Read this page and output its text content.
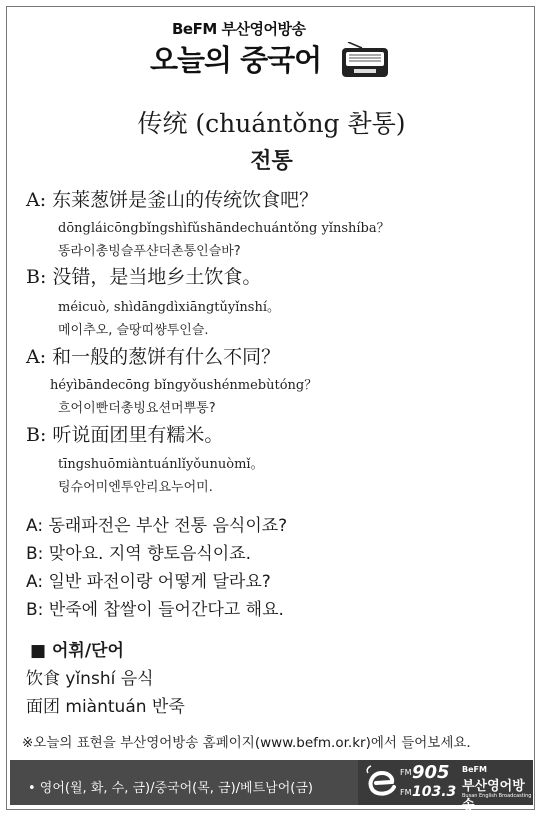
BeFM 부산영어방송
오늘의 중국어
传统 (chuántǒng 촨통)
전통
A: 东莱葱饼是釜山的传统饮食吧？
dōngláicōngbǐngshìfǔshāndechuántǒng yǐnshíba？
똥라이총빙슬푸샨더촌통인슬바?
B: 没错，是当地乡土饮食。
méicuò, shìdāngdìxiāngtǔyǐnshí。
메이추오, 슬땅띠썅투인슬.
A: 和一般的葱饼有什么不同？
héyìbāndecōng bǐngyǒushénmebùtóng？
흐어이빤더총빙요션머뿌통?
B: 听说面团里有糯米。
tīngshuōmiàntuánlǐyǒunuòmǐ。
팅슈어미엔투안리요누어미.
A: 동래파전은 부산 전통 음식이죠?
B: 맞아요. 지역 향토음식이죠.
A: 일반 파전이랑 어떻게 달라요?
B: 반죽에 찹쌀이 들어간다고 해요.
■ 어휘/단어
饮食 yǐnshí 음식
面团 miàntuán 반죽
※오늘의 표현을 부산영어방송 홈페이지(www.befm.or.kr)에서 들어보세요.
• 영어(월, 화, 수, 금)/중국어(목, 금)/베트남어(금)
FM 905
FM 103.3
BeFM
부산영어방송
Busan English Broadcasting
